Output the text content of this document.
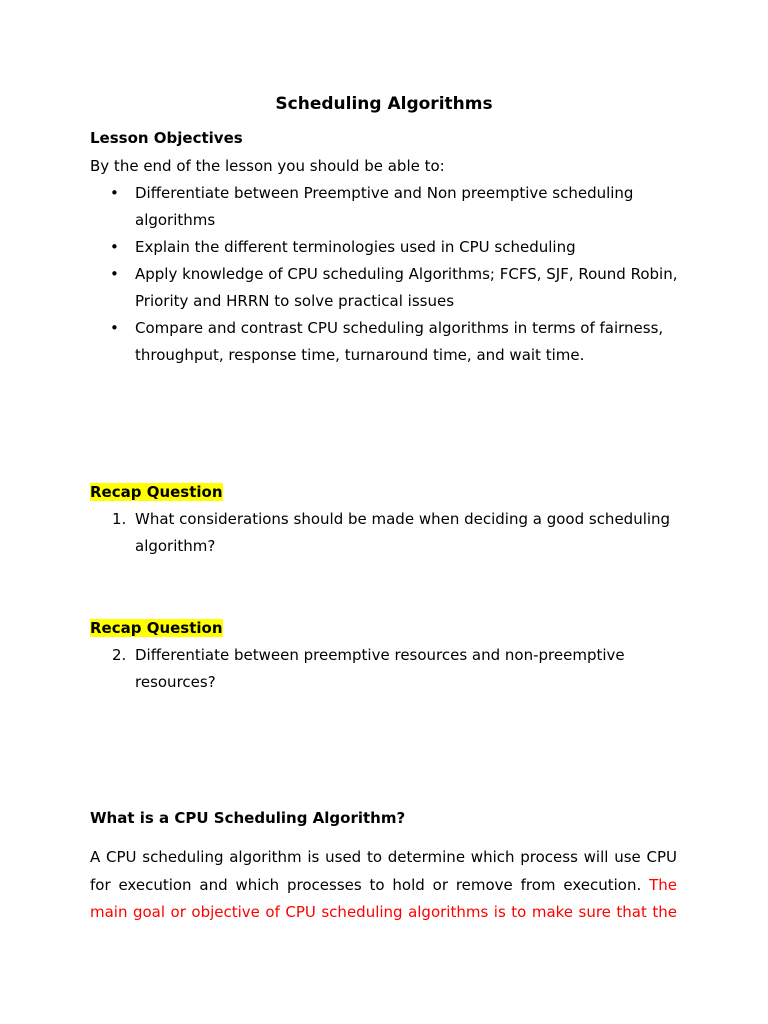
Scheduling Algorithms
Lesson Objectives
By the end of the lesson you should be able to:
• Differentiate between Preemptive and Non preemptive scheduling algorithms
• Explain the different terminologies used in CPU scheduling
• Apply knowledge of CPU scheduling Algorithms; FCFS, SJF, Round Robin, Priority and HRRN to solve practical issues
• Compare and contrast CPU scheduling algorithms in terms of fairness, throughput, response time, turnaround time, and wait time.
Recap Question
1. What considerations should be made when deciding a good scheduling algorithm?
Recap Question
2. Differentiate between preemptive resources and non-preemptive resources?
What is a CPU Scheduling Algorithm?
A CPU scheduling algorithm is used to determine which process will use CPU
for execution and which processes to hold or remove from execution. The
main goal or objective of CPU scheduling algorithms is to make sure that the
